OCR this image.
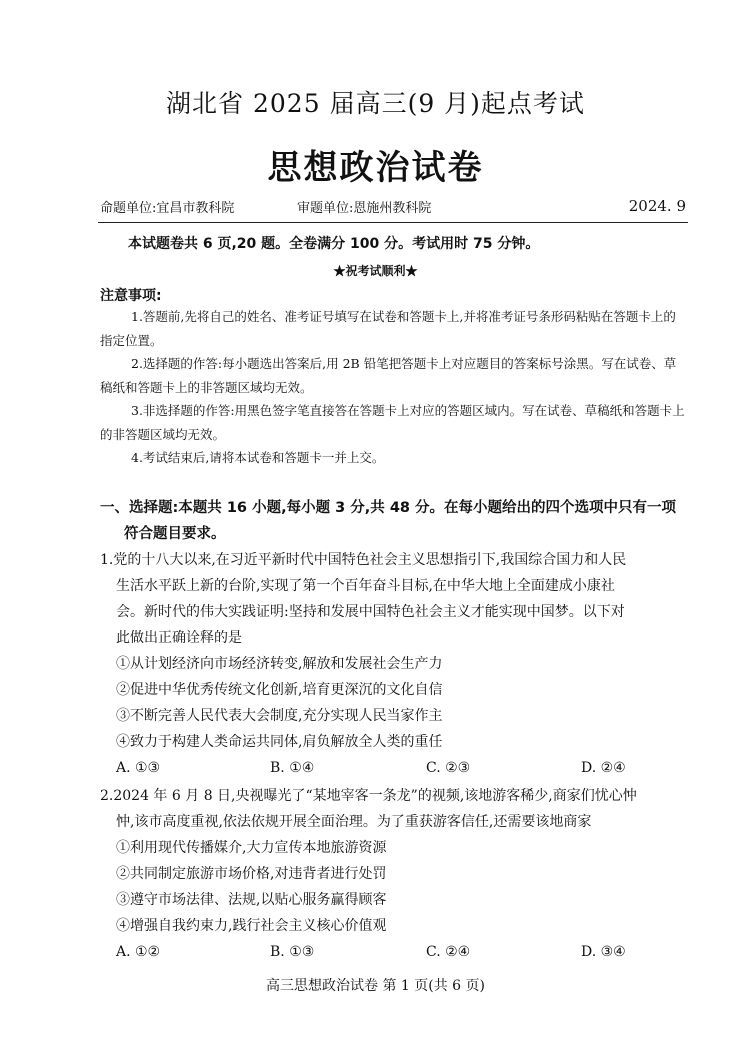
湖北省 2025 届高三(9 月)起点考试
思想政治试卷
命题单位:宜昌市教科院	审题单位:恩施州教科院	2024. 9
本试题卷共 6 页,20 题。全卷满分 100 分。考试用时 75 分钟。
★祝考试顺利★
注意事项:

1.答题前,先将自己的姓名、准考证号填写在试卷和答题卡上,并将准考证号条形码粘贴在答题卡上的指定位置。

2.选择题的作答:每小题选出答案后,用 2B 铅笔把答题卡上对应题目的答案标号涂黑。写在试卷、草稿纸和答题卡上的非答题区域均无效。

3.非选择题的作答:用黑色签字笔直接答在答题卡上对应的答题区域内。写在试卷、草稿纸和答题卡上的非答题区域均无效。

4.考试结束后,请将本试卷和答题卡一并上交。

一、选择题:本题共 16 小题,每小题 3 分,共 48 分。在每小题给出的四个选项中只有一项
符合题目要求。

1.党的十八大以来,在习近平新时代中国特色社会主义思想指引下,我国综合国力和人民

生活水平跃上新的台阶,实现了第一个百年奋斗目标,在中华大地上全面建成小康社

会。新时代的伟大实践证明:坚持和发展中国特色社会主义才能实现中国梦。以下对

此做出正确诠释的是

①从计划经济向市场经济转变,解放和发展社会生产力

②促进中华优秀传统文化创新,培育更深沉的文化自信

③不断完善人民代表大会制度,充分实现人民当家作主

④致力于构建人类命运共同体,肩负解放全人类的重任

A. ①③	B. ①④	C. ②③	D. ②④

2.2024 年 6 月 8 日,央视曝光了“某地宰客一条龙”的视频,该地游客稀少,商家们忧心忡

忡,该市高度重视,依法依规开展全面治理。为了重获游客信任,还需要该地商家

①利用现代传播媒介,大力宣传本地旅游资源

②共同制定旅游市场价格,对违背者进行处罚

③遵守市场法律、法规,以贴心服务赢得顾客

④增强自我约束力,践行社会主义核心价值观

A. ①②	B. ①③	C. ②④	D. ③④
高三思想政治试卷 第 1 页(共 6 页)
